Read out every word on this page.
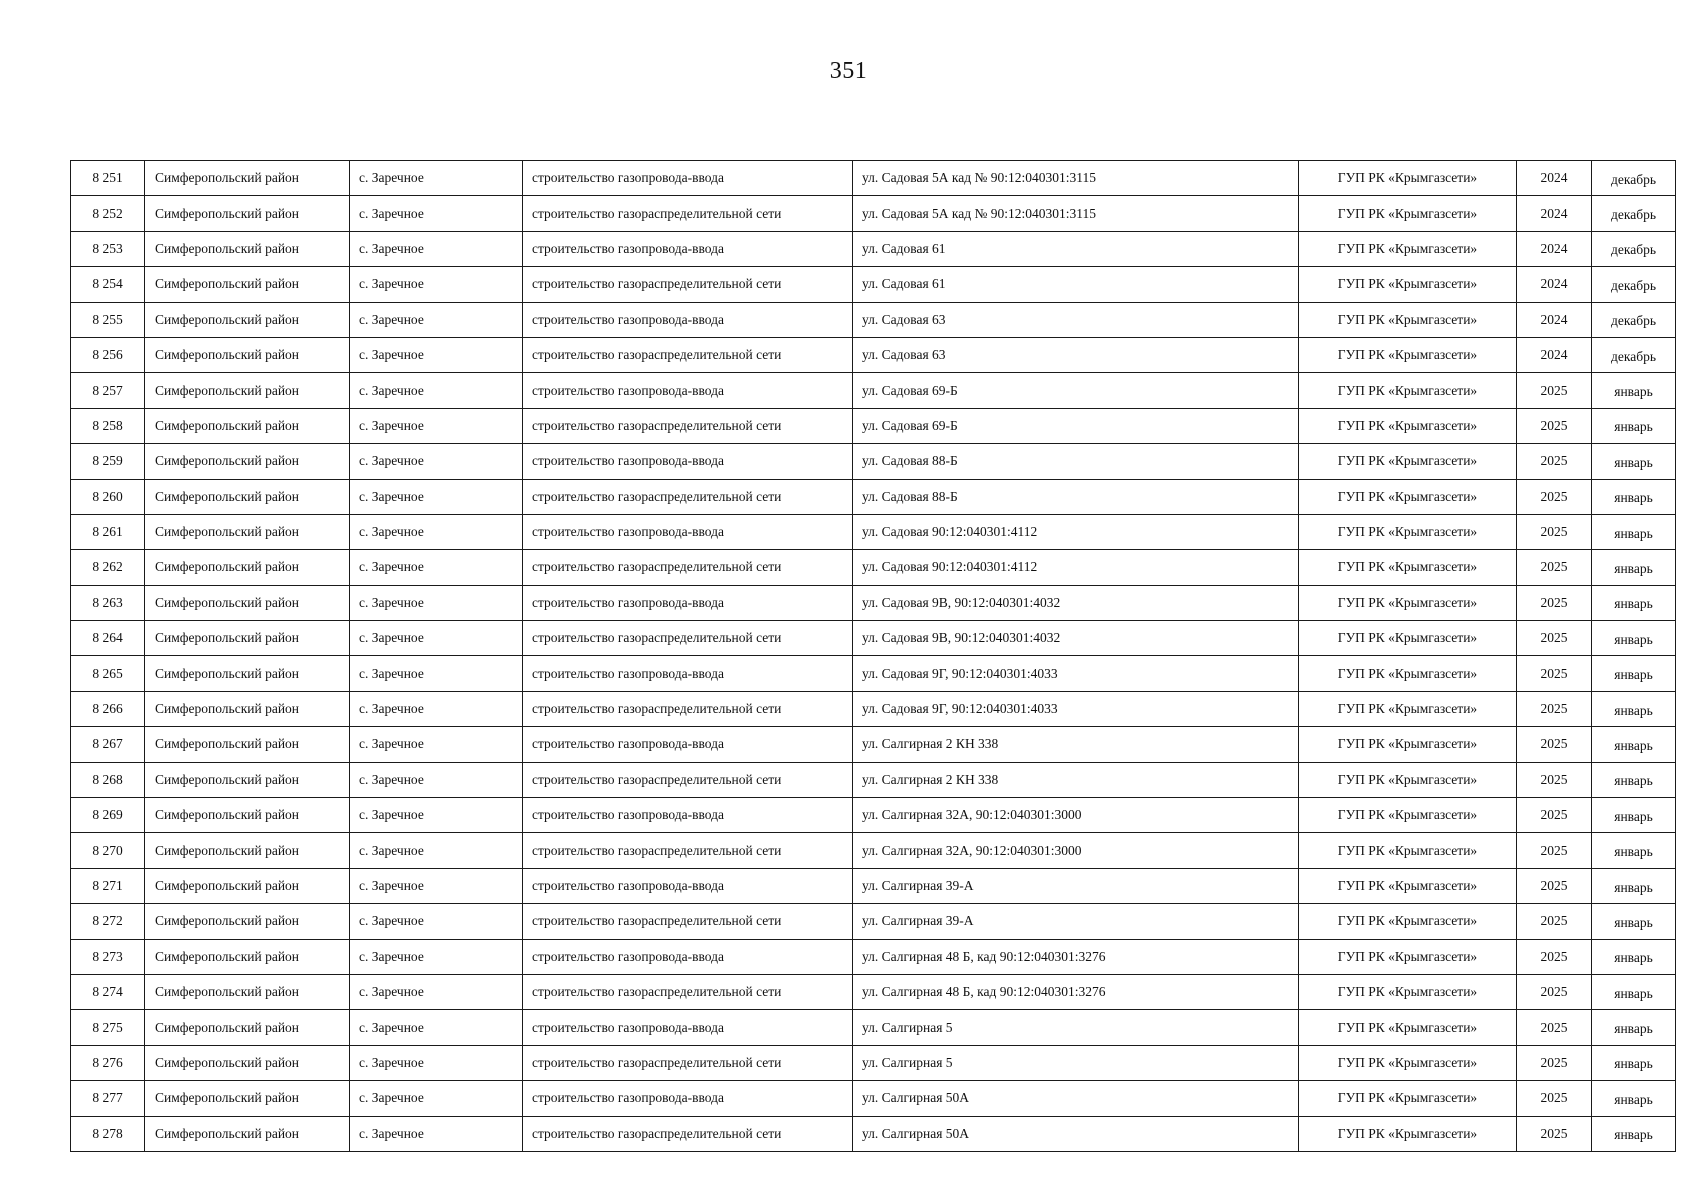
351
8 251	Симферопольский район	с. Заречное	строительство газопровода-ввода	ул. Садовая 5А кад № 90:12:040301:3115	ГУП РК «Крымгазсети»	2024	декабрь
8 252	Симферопольский район	с. Заречное	строительство газораспределительной сети	ул. Садовая 5А кад № 90:12:040301:3115	ГУП РК «Крымгазсети»	2024	декабрь
8 253	Симферопольский район	с. Заречное	строительство газопровода-ввода	ул. Садовая 61	ГУП РК «Крымгазсети»	2024	декабрь
8 254	Симферопольский район	с. Заречное	строительство газораспределительной сети	ул. Садовая 61	ГУП РК «Крымгазсети»	2024	декабрь
8 255	Симферопольский район	с. Заречное	строительство газопровода-ввода	ул. Садовая 63	ГУП РК «Крымгазсети»	2024	декабрь
8 256	Симферопольский район	с. Заречное	строительство газораспределительной сети	ул. Садовая 63	ГУП РК «Крымгазсети»	2024	декабрь
8 257	Симферопольский район	с. Заречное	строительство газопровода-ввода	ул. Садовая 69-Б	ГУП РК «Крымгазсети»	2025	январь
8 258	Симферопольский район	с. Заречное	строительство газораспределительной сети	ул. Садовая 69-Б	ГУП РК «Крымгазсети»	2025	январь
8 259	Симферопольский район	с. Заречное	строительство газопровода-ввода	ул. Садовая 88-Б	ГУП РК «Крымгазсети»	2025	январь
8 260	Симферопольский район	с. Заречное	строительство газораспределительной сети	ул. Садовая 88-Б	ГУП РК «Крымгазсети»	2025	январь
8 261	Симферопольский район	с. Заречное	строительство газопровода-ввода	ул. Садовая 90:12:040301:4112	ГУП РК «Крымгазсети»	2025	январь
8 262	Симферопольский район	с. Заречное	строительство газораспределительной сети	ул. Садовая 90:12:040301:4112	ГУП РК «Крымгазсети»	2025	январь
8 263	Симферопольский район	с. Заречное	строительство газопровода-ввода	ул. Садовая 9В, 90:12:040301:4032	ГУП РК «Крымгазсети»	2025	январь
8 264	Симферопольский район	с. Заречное	строительство газораспределительной сети	ул. Садовая 9В, 90:12:040301:4032	ГУП РК «Крымгазсети»	2025	январь
8 265	Симферопольский район	с. Заречное	строительство газопровода-ввода	ул. Садовая 9Г, 90:12:040301:4033	ГУП РК «Крымгазсети»	2025	январь
8 266	Симферопольский район	с. Заречное	строительство газораспределительной сети	ул. Садовая 9Г, 90:12:040301:4033	ГУП РК «Крымгазсети»	2025	январь
8 267	Симферопольский район	с. Заречное	строительство газопровода-ввода	ул. Салгирная 2 КН 338	ГУП РК «Крымгазсети»	2025	январь
8 268	Симферопольский район	с. Заречное	строительство газораспределительной сети	ул. Салгирная 2 КН 338	ГУП РК «Крымгазсети»	2025	январь
8 269	Симферопольский район	с. Заречное	строительство газопровода-ввода	ул. Салгирная 32А, 90:12:040301:3000	ГУП РК «Крымгазсети»	2025	январь
8 270	Симферопольский район	с. Заречное	строительство газораспределительной сети	ул. Салгирная 32А, 90:12:040301:3000	ГУП РК «Крымгазсети»	2025	январь
8 271	Симферопольский район	с. Заречное	строительство газопровода-ввода	ул. Салгирная 39-А	ГУП РК «Крымгазсети»	2025	январь
8 272	Симферопольский район	с. Заречное	строительство газораспределительной сети	ул. Салгирная 39-А	ГУП РК «Крымгазсети»	2025	январь
8 273	Симферопольский район	с. Заречное	строительство газопровода-ввода	ул. Салгирная 48 Б, кад 90:12:040301:3276	ГУП РК «Крымгазсети»	2025	январь
8 274	Симферопольский район	с. Заречное	строительство газораспределительной сети	ул. Салгирная 48 Б, кад 90:12:040301:3276	ГУП РК «Крымгазсети»	2025	январь
8 275	Симферопольский район	с. Заречное	строительство газопровода-ввода	ул. Салгирная 5	ГУП РК «Крымгазсети»	2025	январь
8 276	Симферопольский район	с. Заречное	строительство газораспределительной сети	ул. Салгирная 5	ГУП РК «Крымгазсети»	2025	январь
8 277	Симферопольский район	с. Заречное	строительство газопровода-ввода	ул. Салгирная 50А	ГУП РК «Крымгазсети»	2025	январь
8 278	Симферопольский район	с. Заречное	строительство газораспределительной сети	ул. Салгирная 50А	ГУП РК «Крымгазсети»	2025	январь
